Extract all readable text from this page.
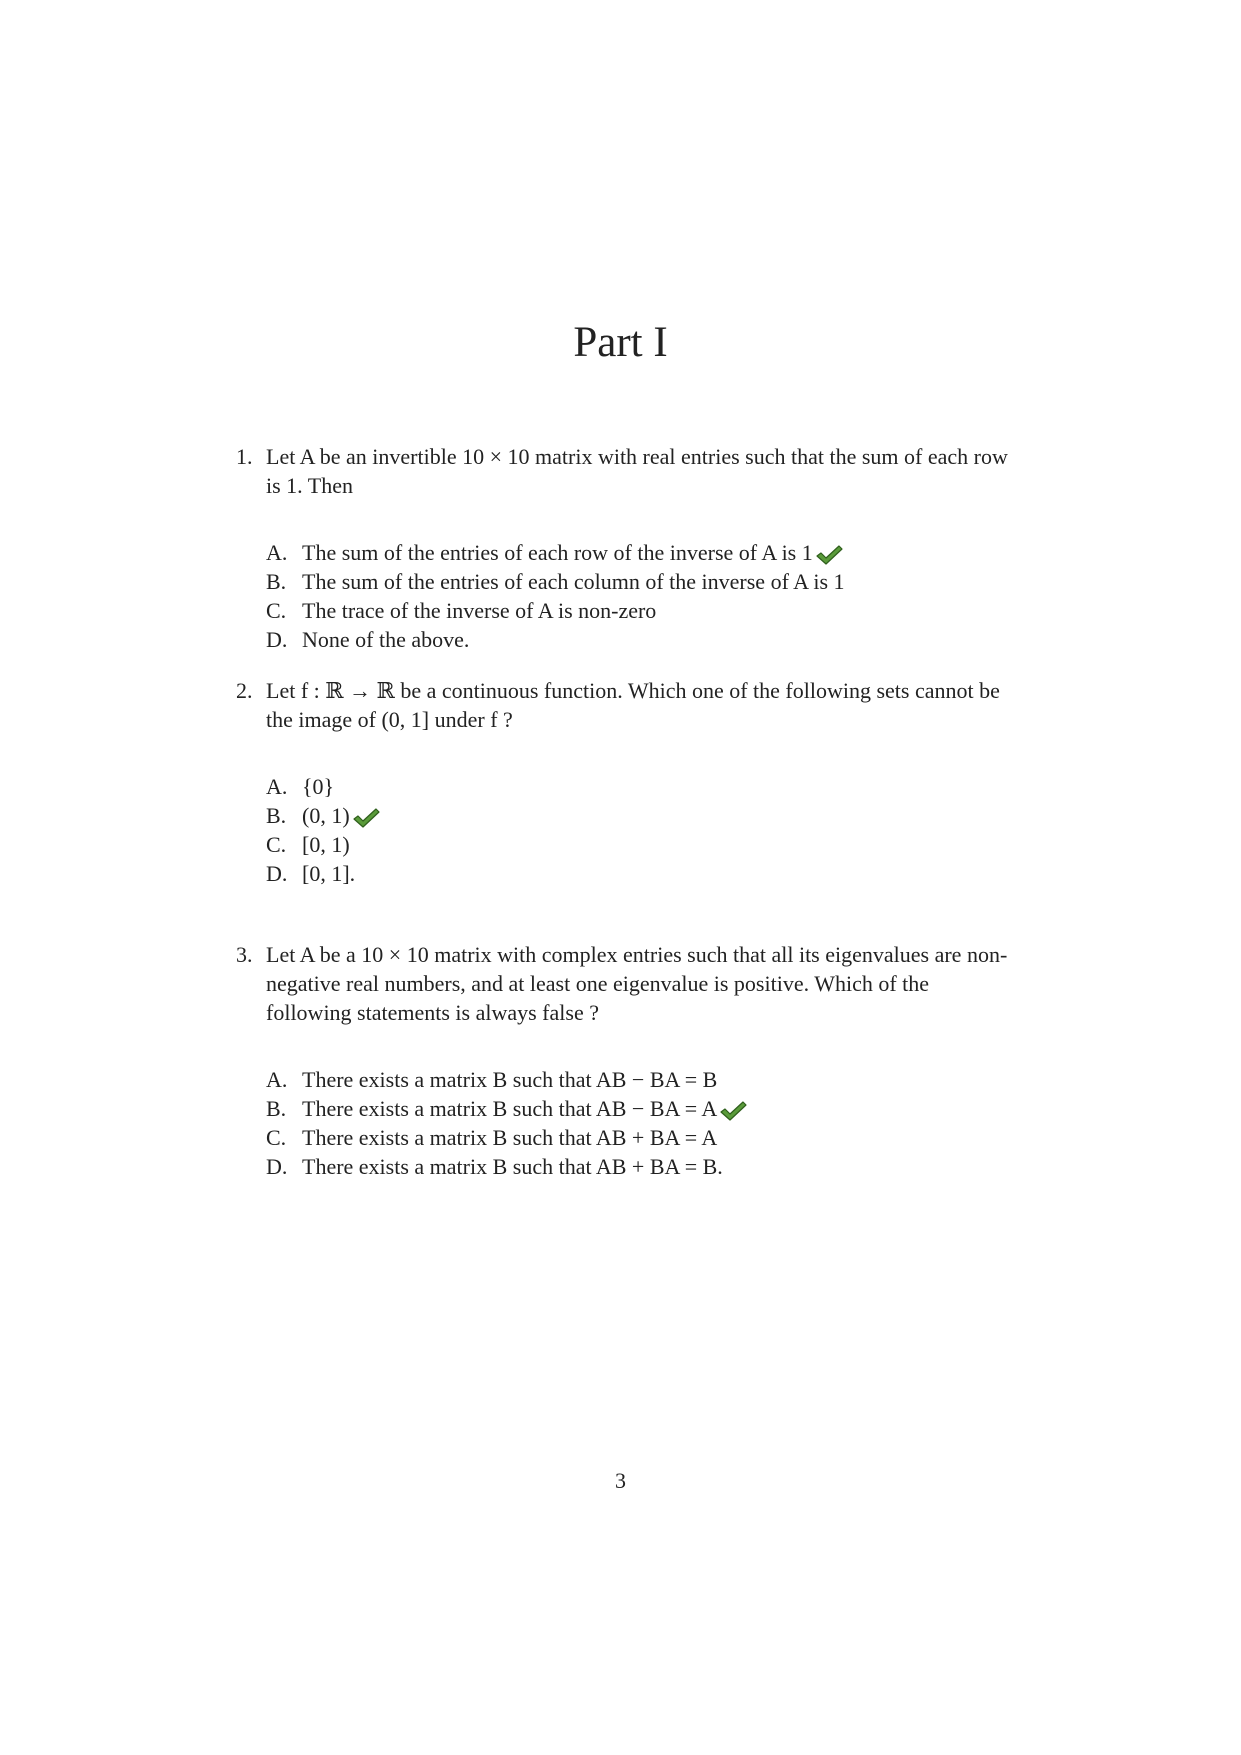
Part I
1. Let A be an invertible 10 × 10 matrix with real entries such that the sum of each row is 1. Then
A. The sum of the entries of each row of the inverse of A is 1
B. The sum of the entries of each column of the inverse of A is 1
C. The trace of the inverse of A is non-zero
D. None of the above.
2. Let f : ℝ → ℝ be a continuous function. Which one of the following sets cannot be the image of (0, 1] under f ?
A. {0}
B. (0, 1)
C. [0, 1)
D. [0, 1].
3. Let A be a 10 × 10 matrix with complex entries such that all its eigenvalues are non-negative real numbers, and at least one eigenvalue is positive. Which of the following statements is always false ?
A. There exists a matrix B such that AB − BA = B
B. There exists a matrix B such that AB − BA = A
C. There exists a matrix B such that AB + BA = A
D. There exists a matrix B such that AB + BA = B.
3
